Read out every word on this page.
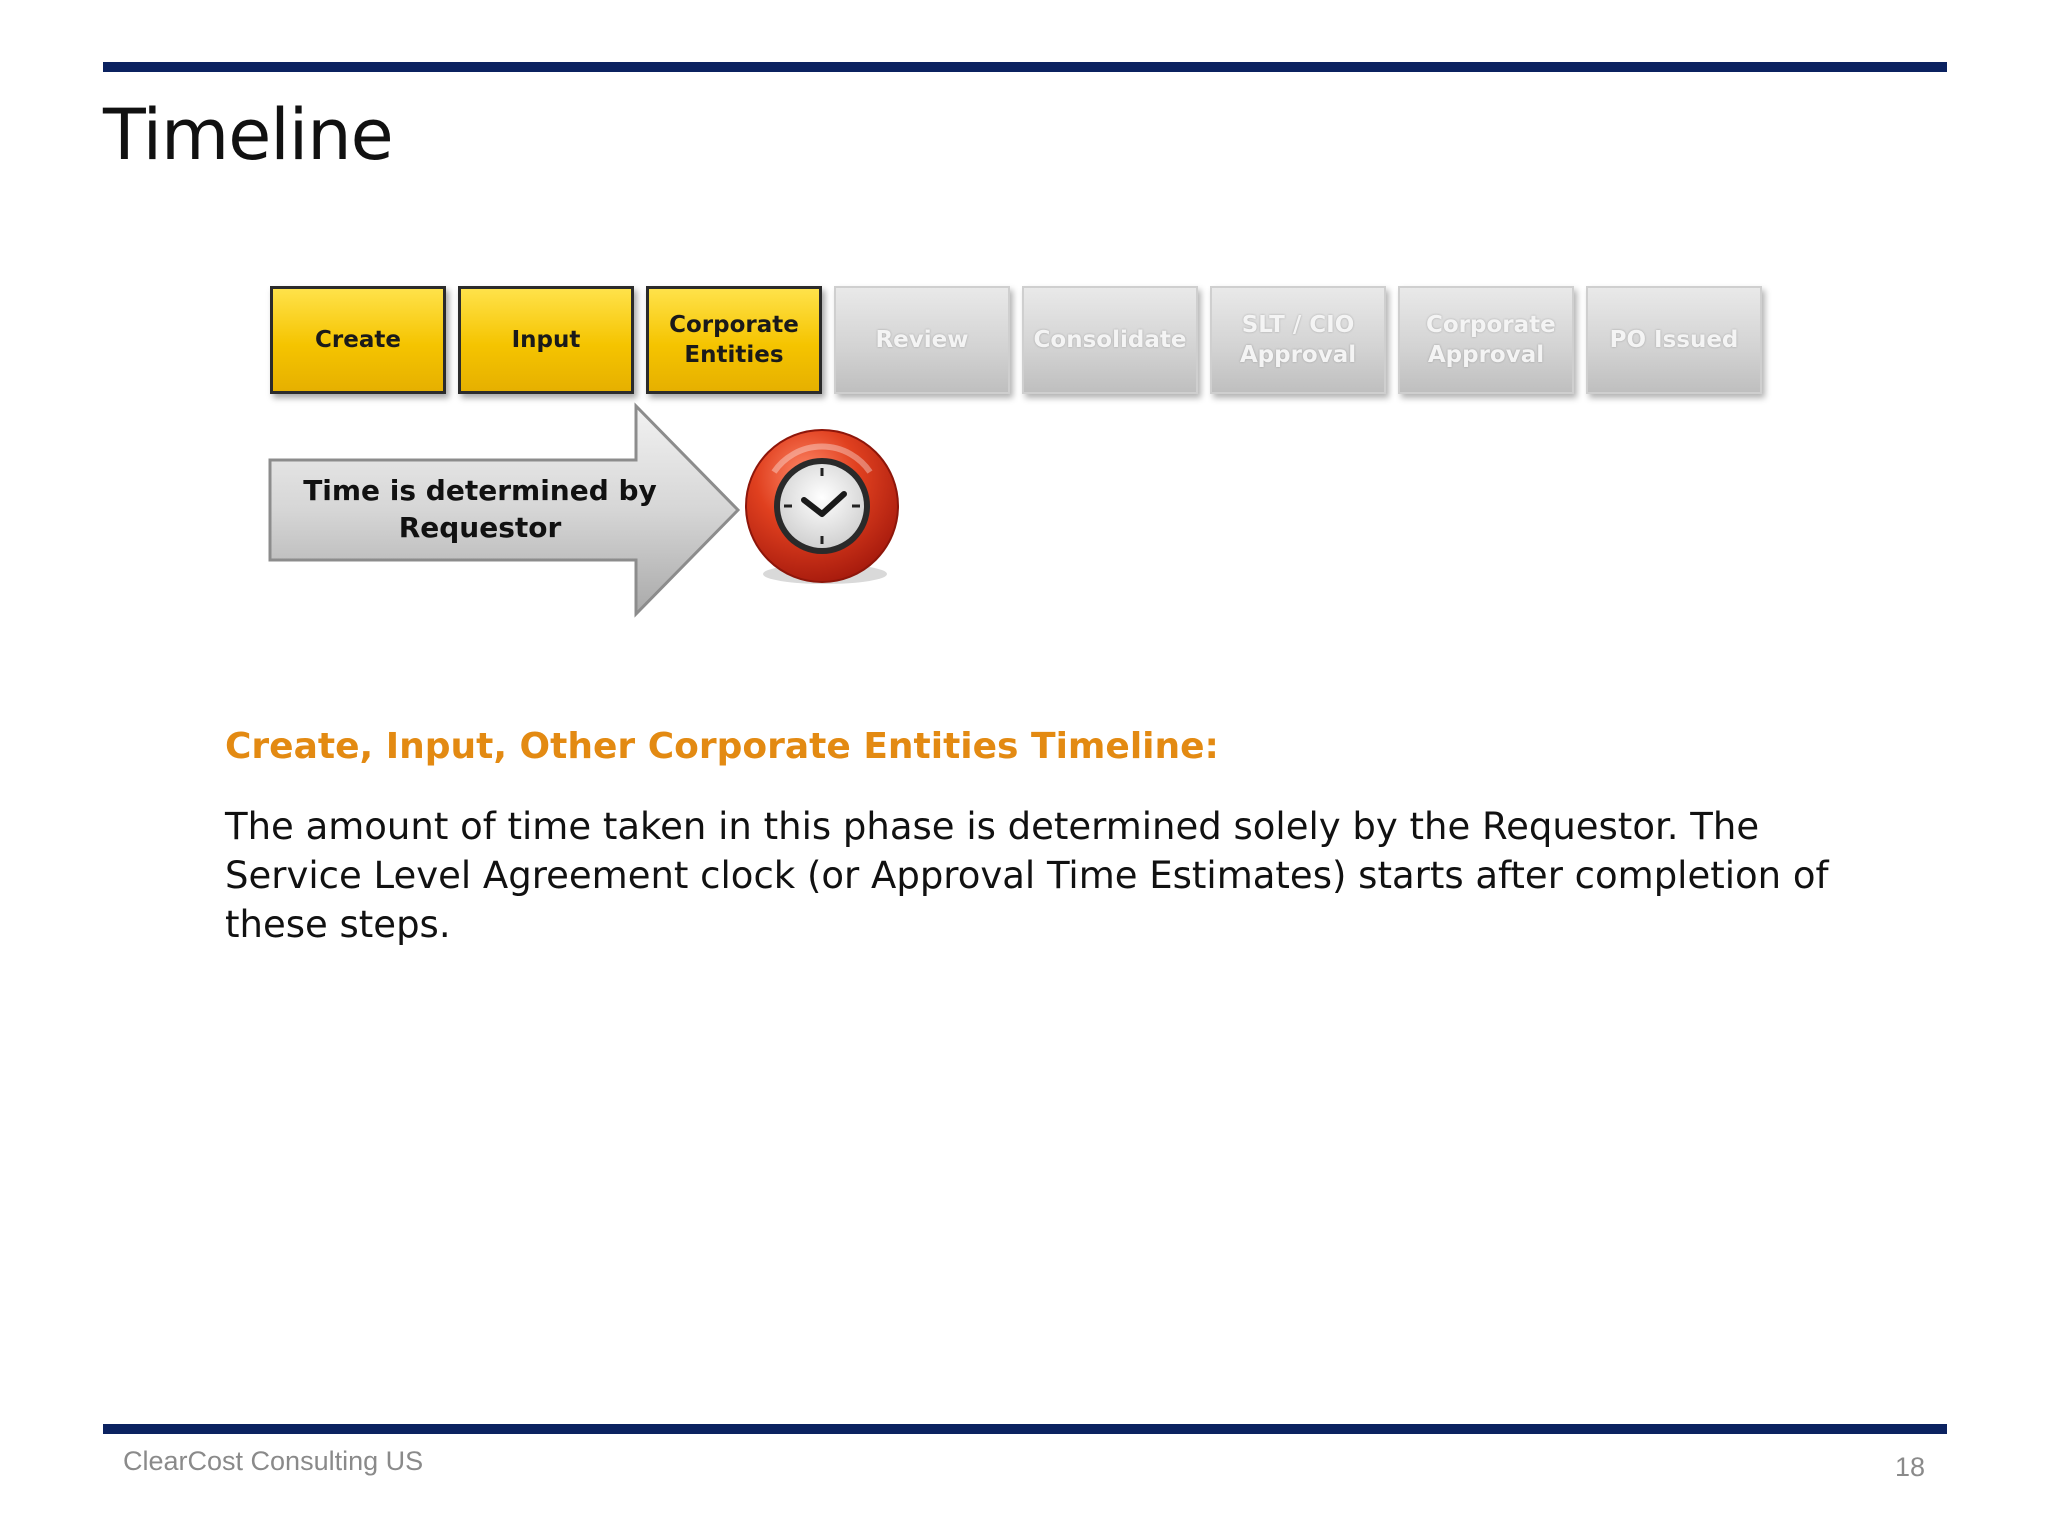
Timeline
Create	Input
Corporate Entities
Review	Consolidate
SLT / CIO Approval
Corporate Approval
PO Issued
Time is determined by Requestor
Create, Input, Other Corporate Entities Timeline:
The amount of time taken in this phase is determined solely by the Requestor. The Service Level Agreement clock (or Approval Time Estimates) starts after completion of these steps.
ClearCost Consulting US	18
